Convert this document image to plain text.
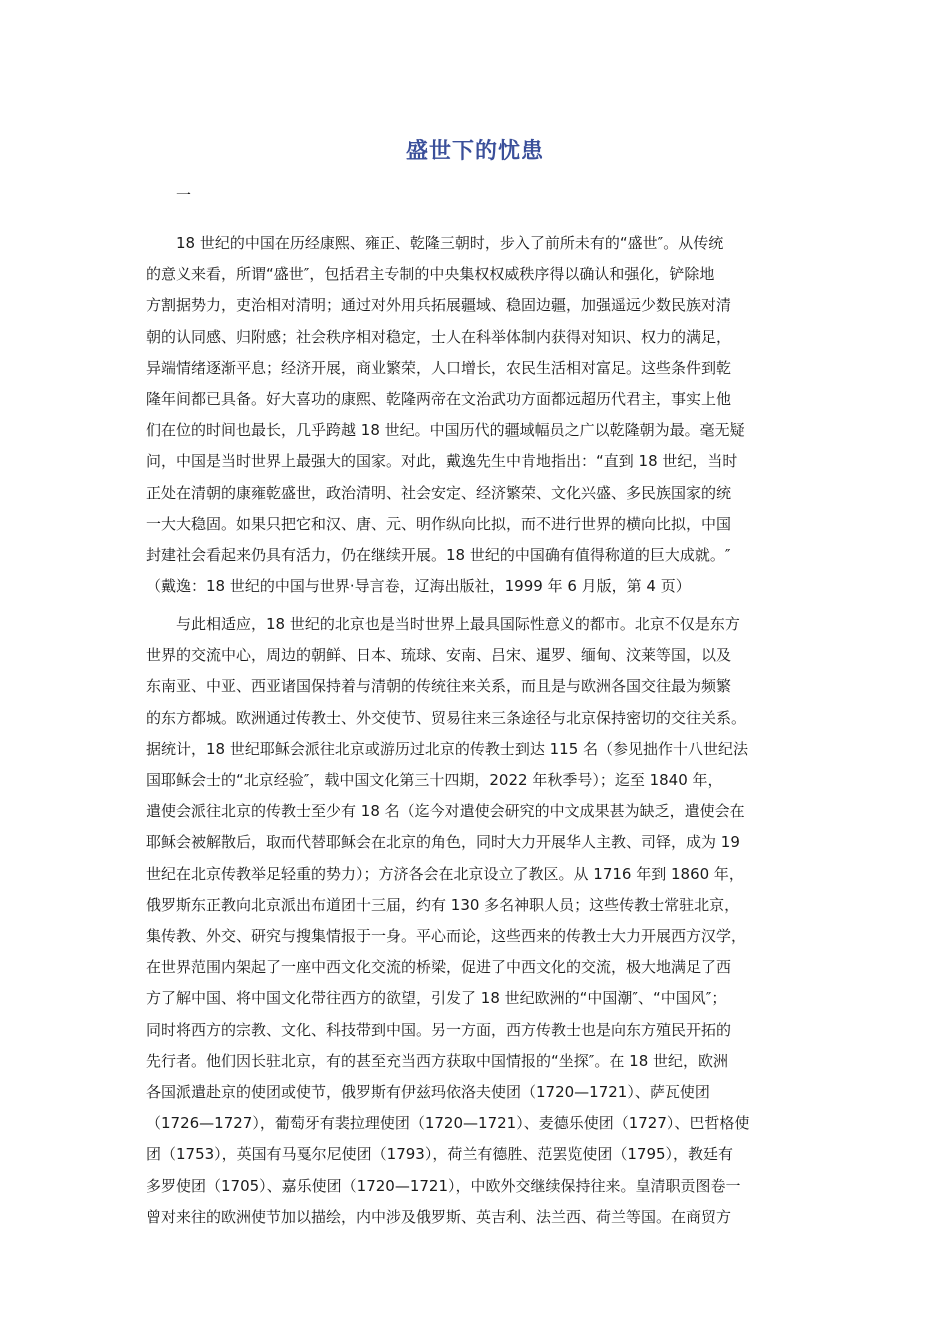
盛世下的忧患
一

18 世纪的中国在历经康熙、雍正、乾隆三朝时，步入了前所未有的“盛世″。从传统
的意义来看，所谓“盛世″，包括君主专制的中央集权权威秩序得以确认和强化，铲除地
方割据势力，吏治相对清明；通过对外用兵拓展疆域、稳固边疆，加强遥远少数民族对清
朝的认同感、归附感；社会秩序相对稳定，士人在科举体制内获得对知识、权力的满足，
异端情绪逐渐平息；经济开展，商业繁荣，人口增长，农民生活相对富足。这些条件到乾
隆年间都已具备。好大喜功的康熙、乾隆两帝在文治武功方面都远超历代君主，事实上他
们在位的时间也最长，几乎跨越 18 世纪。中国历代的疆域幅员之广以乾隆朝为最。毫无疑
问，中国是当时世界上最强大的国家。对此，戴逸先生中肯地指出：“直到 18 世纪，当时
正处在清朝的康雍乾盛世，政治清明、社会安定、经济繁荣、文化兴盛、多民族国家的统
一大大稳固。如果只把它和汉、唐、元、明作纵向比拟，而不进行世界的横向比拟，中国
封建社会看起来仍具有活力，仍在继续开展。18 世纪的中国确有值得称道的巨大成就。″
（戴逸：18 世纪的中国与世界·导言卷，辽海出版社，1999 年 6 月版，第 4 页）

与此相适应，18 世纪的北京也是当时世界上最具国际性意义的都市。北京不仅是东方
世界的交流中心，周边的朝鲜、日本、琉球、安南、吕宋、暹罗、缅甸、汶莱等国，以及
东南亚、中亚、西亚诸国保持着与清朝的传统往来关系，而且是与欧洲各国交往最为频繁
的东方都城。欧洲通过传教士、外交使节、贸易往来三条途径与北京保持密切的交往关系。
据统计，18 世纪耶稣会派往北京或游历过北京的传教士到达 115 名（参见拙作十八世纪法
国耶稣会士的“北京经验″，载中国文化第三十四期，2022 年秋季号）；迄至 1840 年，
遣使会派往北京的传教士至少有 18 名（迄今对遣使会研究的中文成果甚为缺乏，遣使会在
耶稣会被解散后，取而代替耶稣会在北京的角色，同时大力开展华人主教、司铎，成为 19
世纪在北京传教举足轻重的势力）；方济各会在北京设立了教区。从 1716 年到 1860 年，
俄罗斯东正教向北京派出布道团十三届，约有 130 多名神职人员；这些传教士常驻北京，
集传教、外交、研究与搜集情报于一身。平心而论，这些西来的传教士大力开展西方汉学，
在世界范围内架起了一座中西文化交流的桥梁，促进了中西文化的交流，极大地满足了西
方了解中国、将中国文化带往西方的欲望，引发了 18 世纪欧洲的“中国潮″、“中国风″；
同时将西方的宗教、文化、科技带到中国。另一方面，西方传教士也是向东方殖民开拓的
先行者。他们因长驻北京，有的甚至充当西方获取中国情报的“坐探″。在 18 世纪，欧洲
各国派遣赴京的使团或使节，俄罗斯有伊兹玛依洛夫使团（1720—1721）、萨瓦使团
（1726—1727），葡萄牙有裴拉理使团（1720—1721）、麦德乐使团（1727）、巴哲格使
团（1753），英国有马戛尔尼使团（1793），荷兰有德胜、范罢览使团（1795），教廷有
多罗使团（1705）、嘉乐使团（1720—1721），中欧外交继续保持往来。皇清职贡图卷一
曾对来往的欧洲使节加以描绘，内中涉及俄罗斯、英吉利、法兰西、荷兰等国。在商贸方
